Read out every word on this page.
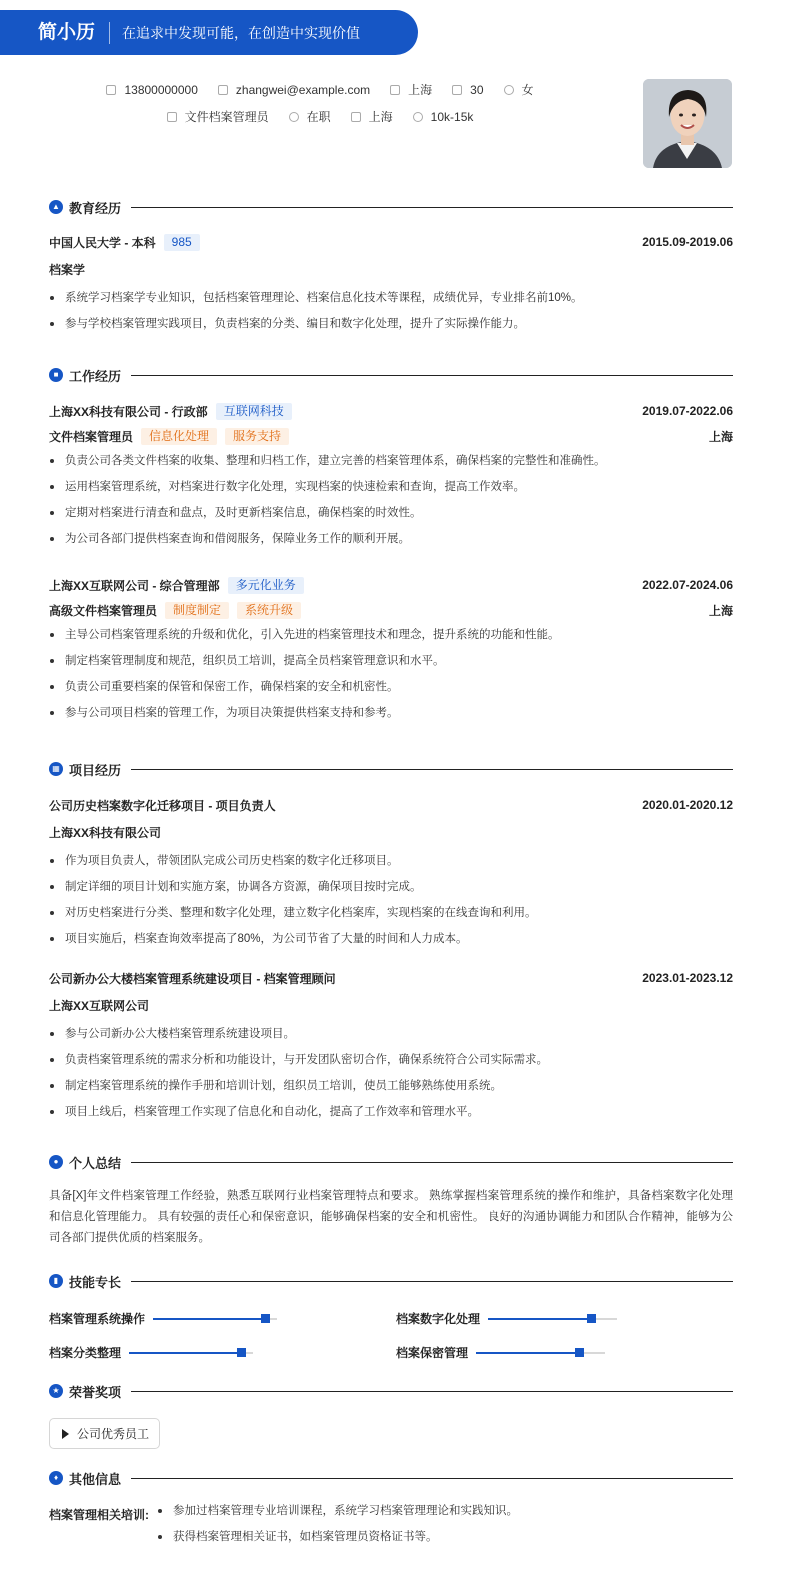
简小历	在追求中发现可能，在创造中实现价值
13800000000	zhangwei@example.com	上海	30	女
文件档案管理员	在职	上海	10k-15k
▲ 教育经历
中国人民大学 - 本科	985	2015.09-2019.06
档案学
系统学习档案学专业知识，包括档案管理理论、档案信息化技术等课程，成绩优异，专业排名前10%。
参与学校档案管理实践项目，负责档案的分类、编目和数字化处理，提升了实际操作能力。
■ 工作经历
上海XX科技有限公司 - 行政部	互联网科技	2019.07-2022.06
文件档案管理员	信息化处理	服务支持	上海
负责公司各类文件档案的收集、整理和归档工作，建立完善的档案管理体系，确保档案的完整性和准确性。
运用档案管理系统，对档案进行数字化处理，实现档案的快速检索和查询，提高工作效率。
定期对档案进行清查和盘点，及时更新档案信息，确保档案的时效性。
为公司各部门提供档案查询和借阅服务，保障业务工作的顺利开展。
上海XX互联网公司 - 综合管理部	多元化业务	2022.07-2024.06
高级文件档案管理员	制度制定	系统升级	上海
主导公司档案管理系统的升级和优化，引入先进的档案管理技术和理念，提升系统的功能和性能。
制定档案管理制度和规范，组织员工培训，提高全员档案管理意识和水平。
负责公司重要档案的保管和保密工作，确保档案的安全和机密性。
参与公司项目档案的管理工作，为项目决策提供档案支持和参考。
▦ 项目经历
公司历史档案数字化迁移项目 - 项目负责人	2020.01-2020.12
上海XX科技有限公司
作为项目负责人，带领团队完成公司历史档案的数字化迁移项目。
制定详细的项目计划和实施方案，协调各方资源，确保项目按时完成。
对历史档案进行分类、整理和数字化处理，建立数字化档案库，实现档案的在线查询和利用。
项目实施后，档案查询效率提高了80%，为公司节省了大量的时间和人力成本。
公司新办公大楼档案管理系统建设项目 - 档案管理顾问	2023.01-2023.12
上海XX互联网公司
参与公司新办公大楼档案管理系统建设项目。
负责档案管理系统的需求分析和功能设计，与开发团队密切合作，确保系统符合公司实际需求。
制定档案管理系统的操作手册和培训计划，组织员工培训，使员工能够熟练使用系统。
项目上线后，档案管理工作实现了信息化和自动化，提高了工作效率和管理水平。
● 个人总结
具备[X]年文件档案管理工作经验，熟悉互联网行业档案管理特点和要求。 熟练掌握档案管理系统的操作和维护，具备档案数字化处理和信息化管理能力。 具有较强的责任心和保密意识，能够确保档案的安全和机密性。 良好的沟通协调能力和团队合作精神，能够为公司各部门提供优质的档案服务。
▮ 技能专长
档案管理系统操作	档案数字化处理
档案分类整理	档案保密管理
★ 荣誉奖项
公司优秀员工
♦ 其他信息
档案管理相关培训:	参加过档案管理专业培训课程，系统学习档案管理理论和实践知识。
获得档案管理相关证书，如档案管理员资格证书等。
